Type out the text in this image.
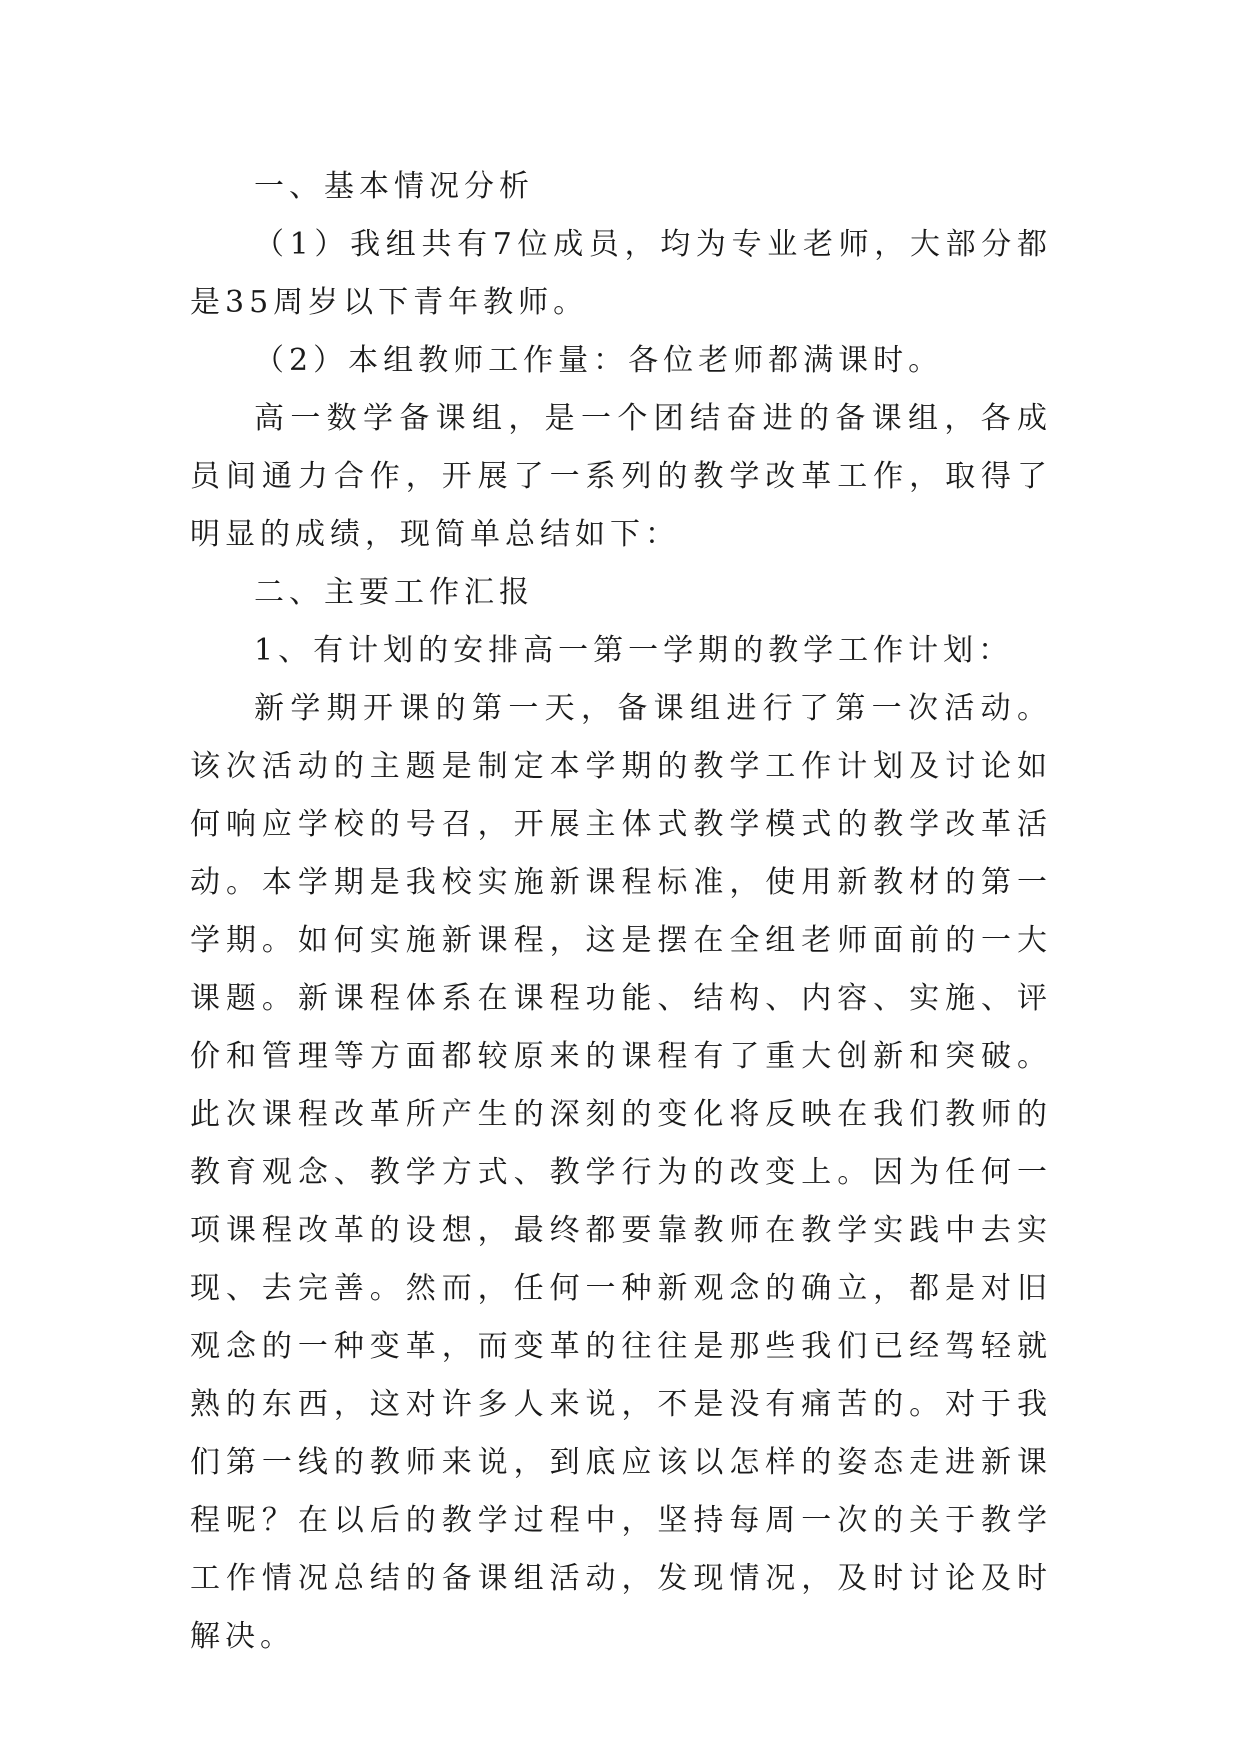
一、基本情况分析

（1）我组共有7位成员，均为专业老师，大部分都是35周岁以下青年教师。

（2）本组教师工作量：各位老师都满课时。

高一数学备课组，是一个团结奋进的备课组，各成员间通力合作，开展了一系列的教学改革工作，取得了明显的成绩，现简单总结如下：

二、主要工作汇报

1、有计划的安排高一第一学期的教学工作计划：

新学期开课的第一天，备课组进行了第一次活动。该次活动的主题是制定本学期的教学工作计划及讨论如何响应学校的号召，开展主体式教学模式的教学改革活动。本学期是我校实施新课程标准，使用新教材的第一学期。如何实施新课程，这是摆在全组老师面前的一大课题。新课程体系在课程功能、结构、内容、实施、评价和管理等方面都较原来的课程有了重大创新和突破。此次课程改革所产生的深刻的变化将反映在我们教师的教育观念、教学方式、教学行为的改变上。因为任何一项课程改革的设想，最终都要靠教师在教学实践中去实现、去完善。然而，任何一种新观念的确立，都是对旧观念的一种变革，而变革的往往是那些我们已经驾轻就熟的东西，这对许多人来说，不是没有痛苦的。对于我们第一线的教师来说，到底应该以怎样的姿态走进新课程呢？在以后的教学过程中，坚持每周一次的关于教学工作情况总结的备课组活动，发现情况，及时讨论及时解决。
